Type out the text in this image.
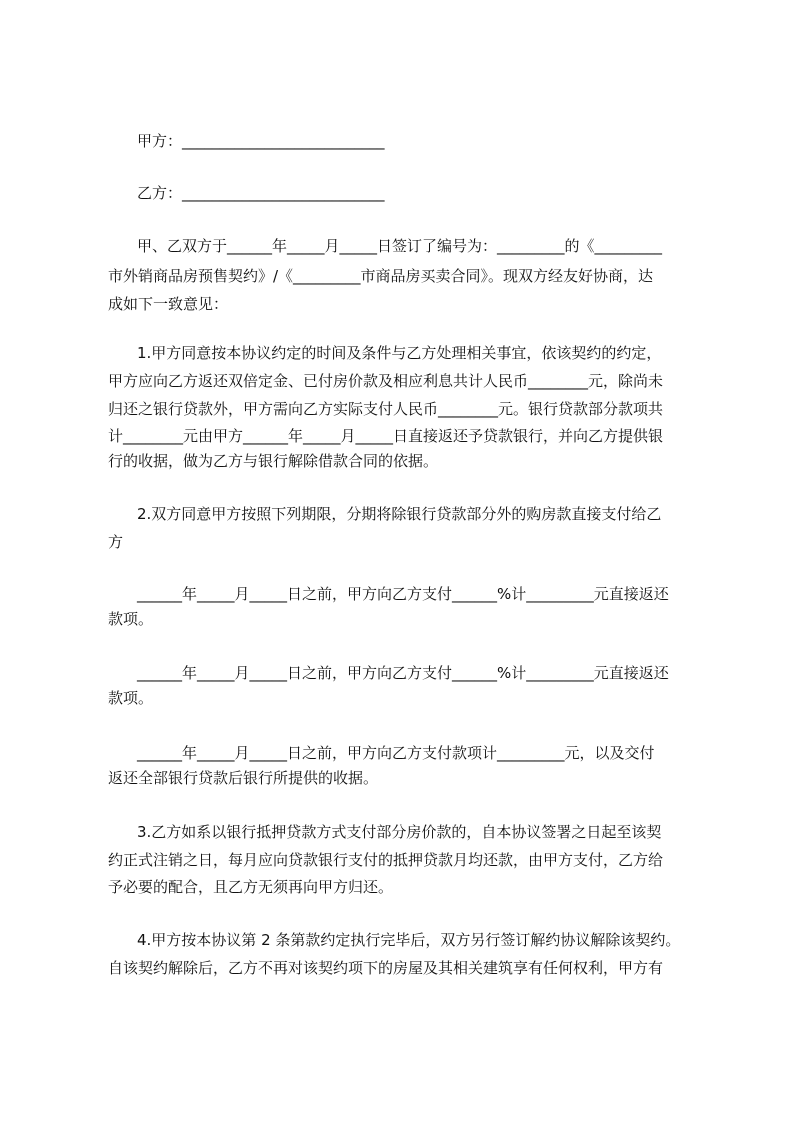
甲方：___________________________
乙方：___________________________
甲、乙双方于______年_____月_____日签订了编号为：_________的《_________
市外销商品房预售契约》/《_________市商品房买卖合同》。现双方经友好协商，达
成如下一致意见：
1.甲方同意按本协议约定的时间及条件与乙方处理相关事宜，依该契约的约定，
甲方应向乙方返还双倍定金、已付房价款及相应利息共计人民币________元，除尚未
归还之银行贷款外，甲方需向乙方实际支付人民币________元。银行贷款部分款项共
计________元由甲方______年_____月_____日直接返还予贷款银行，并向乙方提供银
行的收据，做为乙方与银行解除借款合同的依据。
2.双方同意甲方按照下列期限，分期将除银行贷款部分外的购房款直接支付给乙
方
______年_____月_____日之前，甲方向乙方支付______%计_________元直接返还
款项。
______年_____月_____日之前，甲方向乙方支付______%计_________元直接返还
款项。
______年_____月_____日之前，甲方向乙方支付款项计_________元，以及交付
返还全部银行贷款后银行所提供的收据。
3.乙方如系以银行抵押贷款方式支付部分房价款的，自本协议签署之日起至该契
约正式注销之日，每月应向贷款银行支付的抵押贷款月均还款，由甲方支付，乙方给
予必要的配合，且乙方无须再向甲方归还。
4.甲方按本协议第 2 条第款约定执行完毕后，双方另行签订解约协议解除该契约。
自该契约解除后，乙方不再对该契约项下的房屋及其相关建筑享有任何权利，甲方有
